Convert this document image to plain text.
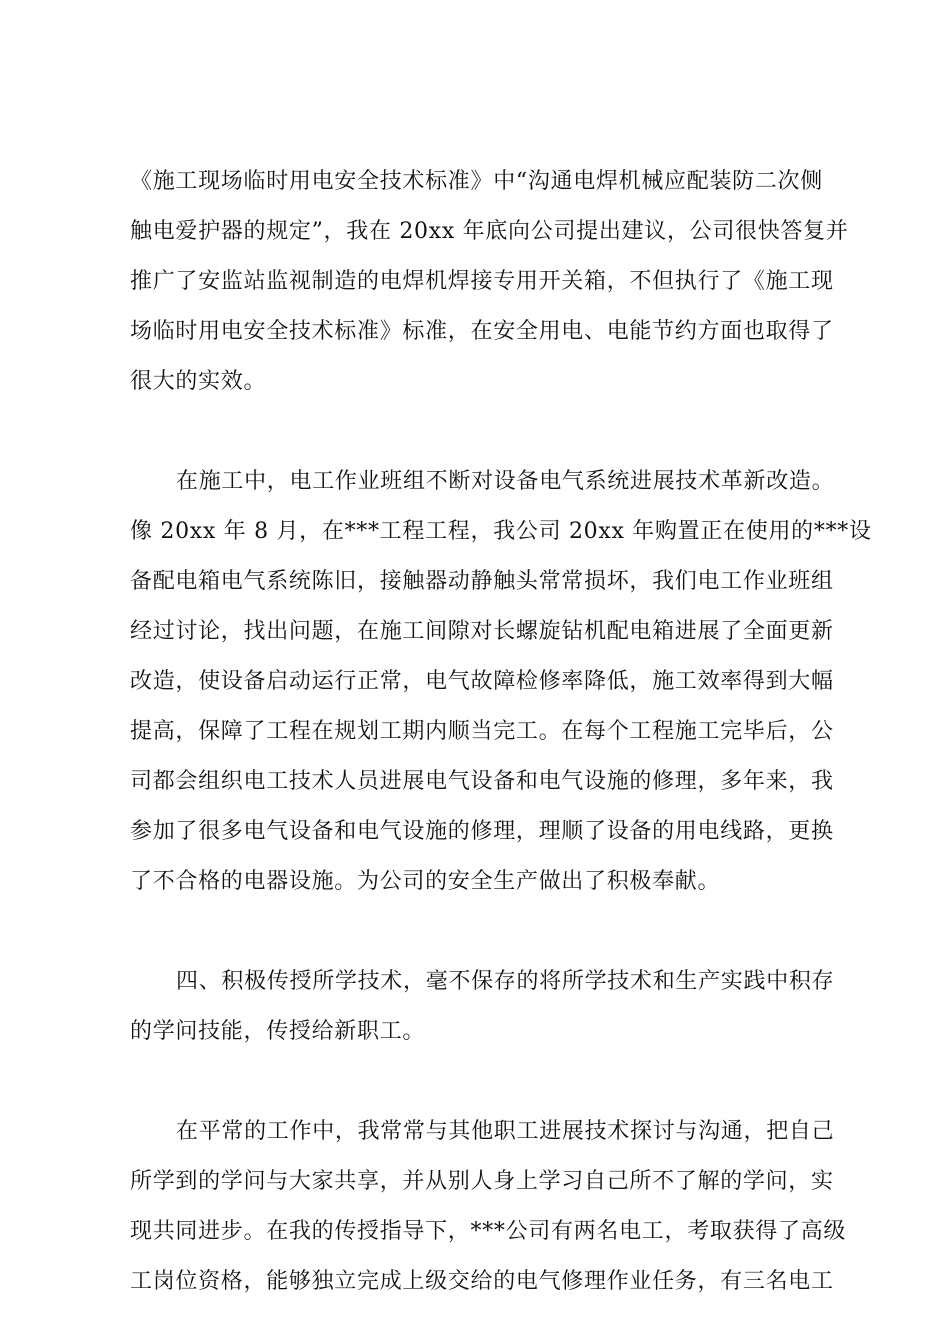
《施工现场临时用电安全技术标准》中“沟通电焊机械应配装防二次侧
触电爱护器的规定”，我在 20xx 年底向公司提出建议，公司很快答复并
推广了安监站监视制造的电焊机焊接专用开关箱，不但执行了《施工现
场临时用电安全技术标准》标准，在安全用电、电能节约方面也取得了
很大的实效。
在施工中，电工作业班组不断对设备电气系统进展技术革新改造。
像 20xx 年 8 月，在***工程工程，我公司 20xx 年购置正在使用的***设
备配电箱电气系统陈旧，接触器动静触头常常损坏，我们电工作业班组
经过讨论，找出问题，在施工间隙对长螺旋钻机配电箱进展了全面更新
改造，使设备启动运行正常，电气故障检修率降低，施工效率得到大幅
提高，保障了工程在规划工期内顺当完工。在每个工程施工完毕后，公
司都会组织电工技术人员进展电气设备和电气设施的修理，多年来，我
参加了很多电气设备和电气设施的修理，理顺了设备的用电线路，更换
了不合格的电器设施。为公司的安全生产做出了积极奉献。
四、积极传授所学技术，毫不保存的将所学技术和生产实践中积存
的学问技能，传授给新职工。
在平常的工作中，我常常与其他职工进展技术探讨与沟通，把自己
所学到的学问与大家共享，并从别人身上学习自己所不了解的学问，实
现共同进步。在我的传授指导下，***公司有两名电工，考取获得了高级
工岗位资格，能够独立完成上级交给的电气修理作业任务，有三名电工
